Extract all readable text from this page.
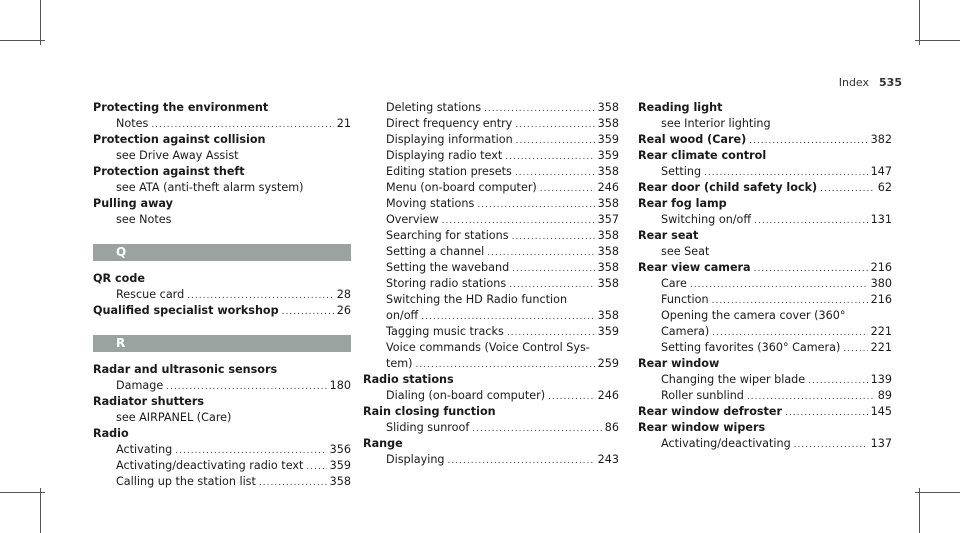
Index 535
Protecting the environment
Notes .....	21
Protection against collision
see Drive Away Assist
Protection against theft
see ATA (anti-theft alarm system)
Pulling away
see Notes
Q
QR code
Rescue card .....	28
Qualified specialist workshop .....	26
R
Radar and ultrasonic sensors
Damage .....	180
Radiator shutters
see AIRPANEL (Care)
Radio
Activating .....	356
Activating/deactivating radio text ..... 359
Calling up the station list .....	358
Deleting stations .....	358
Direct frequency entry .....	358
Displaying information .....	359
Displaying radio text .....	359
Editing station presets .....	358
Menu (on-board computer) .....	246
Moving stations .....	358
Overview .....	357
Searching for stations .....	358
Setting a channel .....	358
Setting the waveband .....	358
Storing radio stations .....	358
Switching the HD Radio function
on/off .....	358
Tagging music tracks .....	359
Voice commands (Voice Control Sys-
tem) .....	259
Radio stations
Dialing (on-board computer) .....	246
Rain closing function
Sliding sunroof .....	86
Range
Displaying .....	243
Reading light
see Interior lighting
Real wood (Care) .....	382
Rear climate control
Setting .....	147
Rear door (child safety lock) .....	62
Rear fog lamp
Switching on/off .....	131
Rear seat
see Seat
Rear view camera .....	216
Care .....	380
Function .....	216
Opening the camera cover (360°
Camera) .....	221
Setting favorites (360° Camera) .....	221
Rear window
Changing the wiper blade .....	139
Roller sunblind .....	89
Rear window defroster .....	145
Rear window wipers
Activating/deactivating .....	137
